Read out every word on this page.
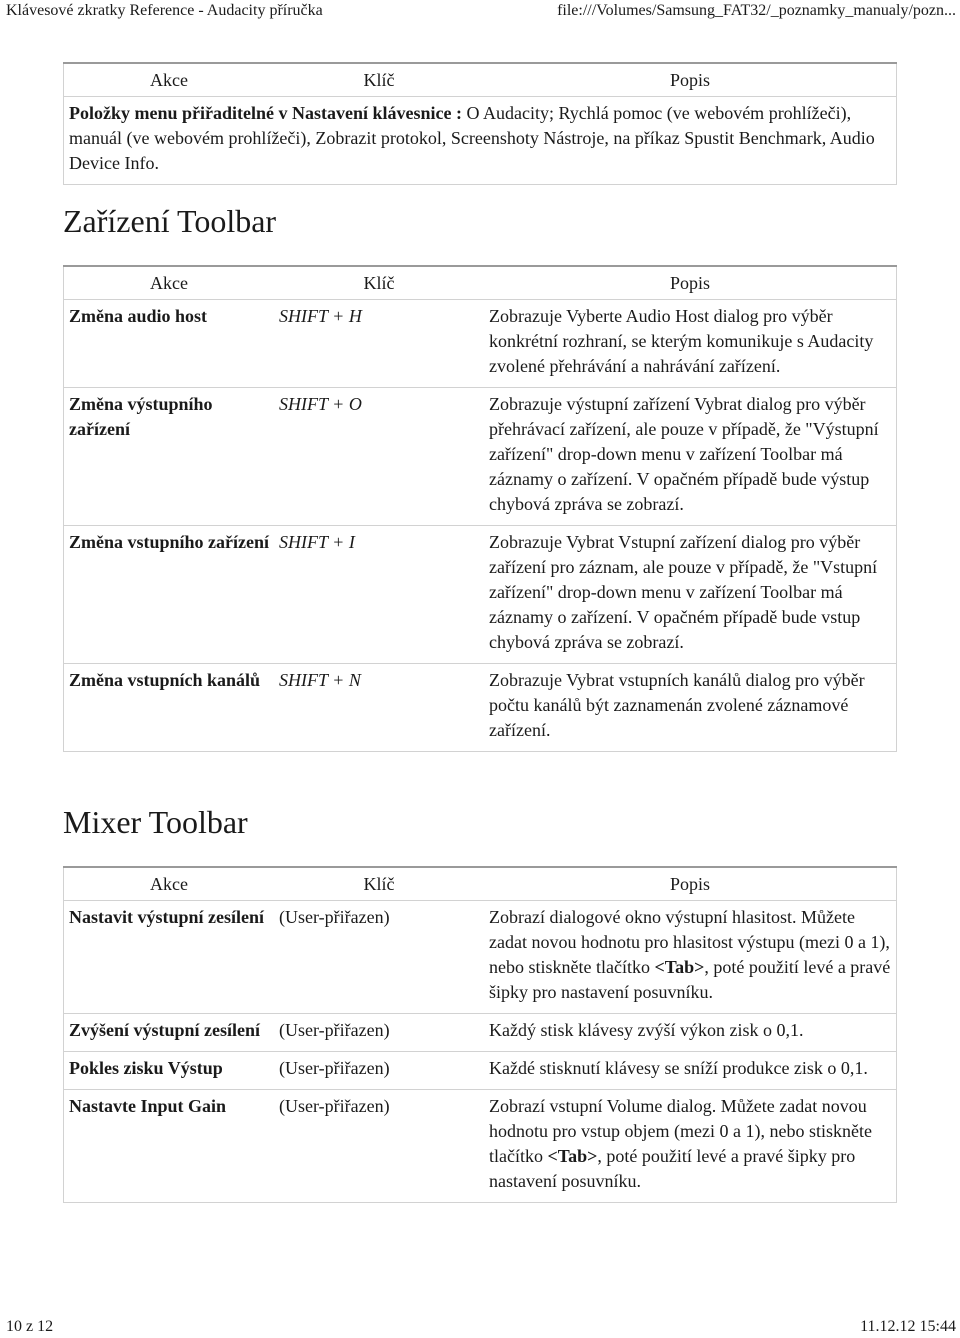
Klávesové zkratky Reference - Audacity příručka	file:///Volumes/Samsung_FAT32/_poznamky_manualy/pozn...
Akce	Klíč	Popis
Položky menu přiřaditelné v Nastavení klávesnice : O Audacity; Rychlá pomoc (ve webovém prohlížeči), manuál (ve webovém prohlížeči), Zobrazit protokol, Screenshoty Nástroje, na příkaz Spustit Benchmark, Audio Device Info.
Zařízení Toolbar
Akce	Klíč	Popis
Změna audio host	SHIFT + H	Zobrazuje Vyberte Audio Host dialog pro výběr konkrétní rozhraní, se kterým komunikuje s Audacity zvolené přehrávání a nahrávání zařízení.
Změna výstupního zařízení	SHIFT + O	Zobrazuje výstupní zařízení Vybrat dialog pro výběr přehrávací zařízení, ale pouze v případě, že "Výstupní zařízení" drop-down menu v zařízení Toolbar má záznamy o zařízení. V opačném případě bude výstup chybová zpráva se zobrazí.
Změna vstupního zařízení	SHIFT + I	Zobrazuje Vybrat Vstupní zařízení dialog pro výběr zařízení pro záznam, ale pouze v případě, že "Vstupní zařízení" drop-down menu v zařízení Toolbar má záznamy o zařízení. V opačném případě bude vstup chybová zpráva se zobrazí.
Změna vstupních kanálů	SHIFT + N	Zobrazuje Vybrat vstupních kanálů dialog pro výběr počtu kanálů být zaznamenán zvolené záznamové zařízení.
Mixer Toolbar
Akce	Klíč	Popis
Nastavit výstupní zesílení	(User-přiřazen)	Zobrazí dialogové okno výstupní hlasitost. Můžete zadat novou hodnotu pro hlasitost výstupu (mezi 0 a 1), nebo stiskněte tlačítko <Tab>, poté použití levé a pravé šipky pro nastavení posuvníku.
Zvýšení výstupní zesílení	(User-přiřazen)	Každý stisk klávesy zvýší výkon zisk o 0,1.
Pokles zisku Výstup	(User-přiřazen)	Každé stisknutí klávesy se sníží produkce zisk o 0,1.
Nastavte Input Gain	(User-přiřazen)	Zobrazí vstupní Volume dialog. Můžete zadat novou hodnotu pro vstup objem (mezi 0 a 1), nebo stiskněte tlačítko <Tab>, poté použití levé a pravé šipky pro nastavení posuvníku.
10 z 12	11.12.12 15:44
